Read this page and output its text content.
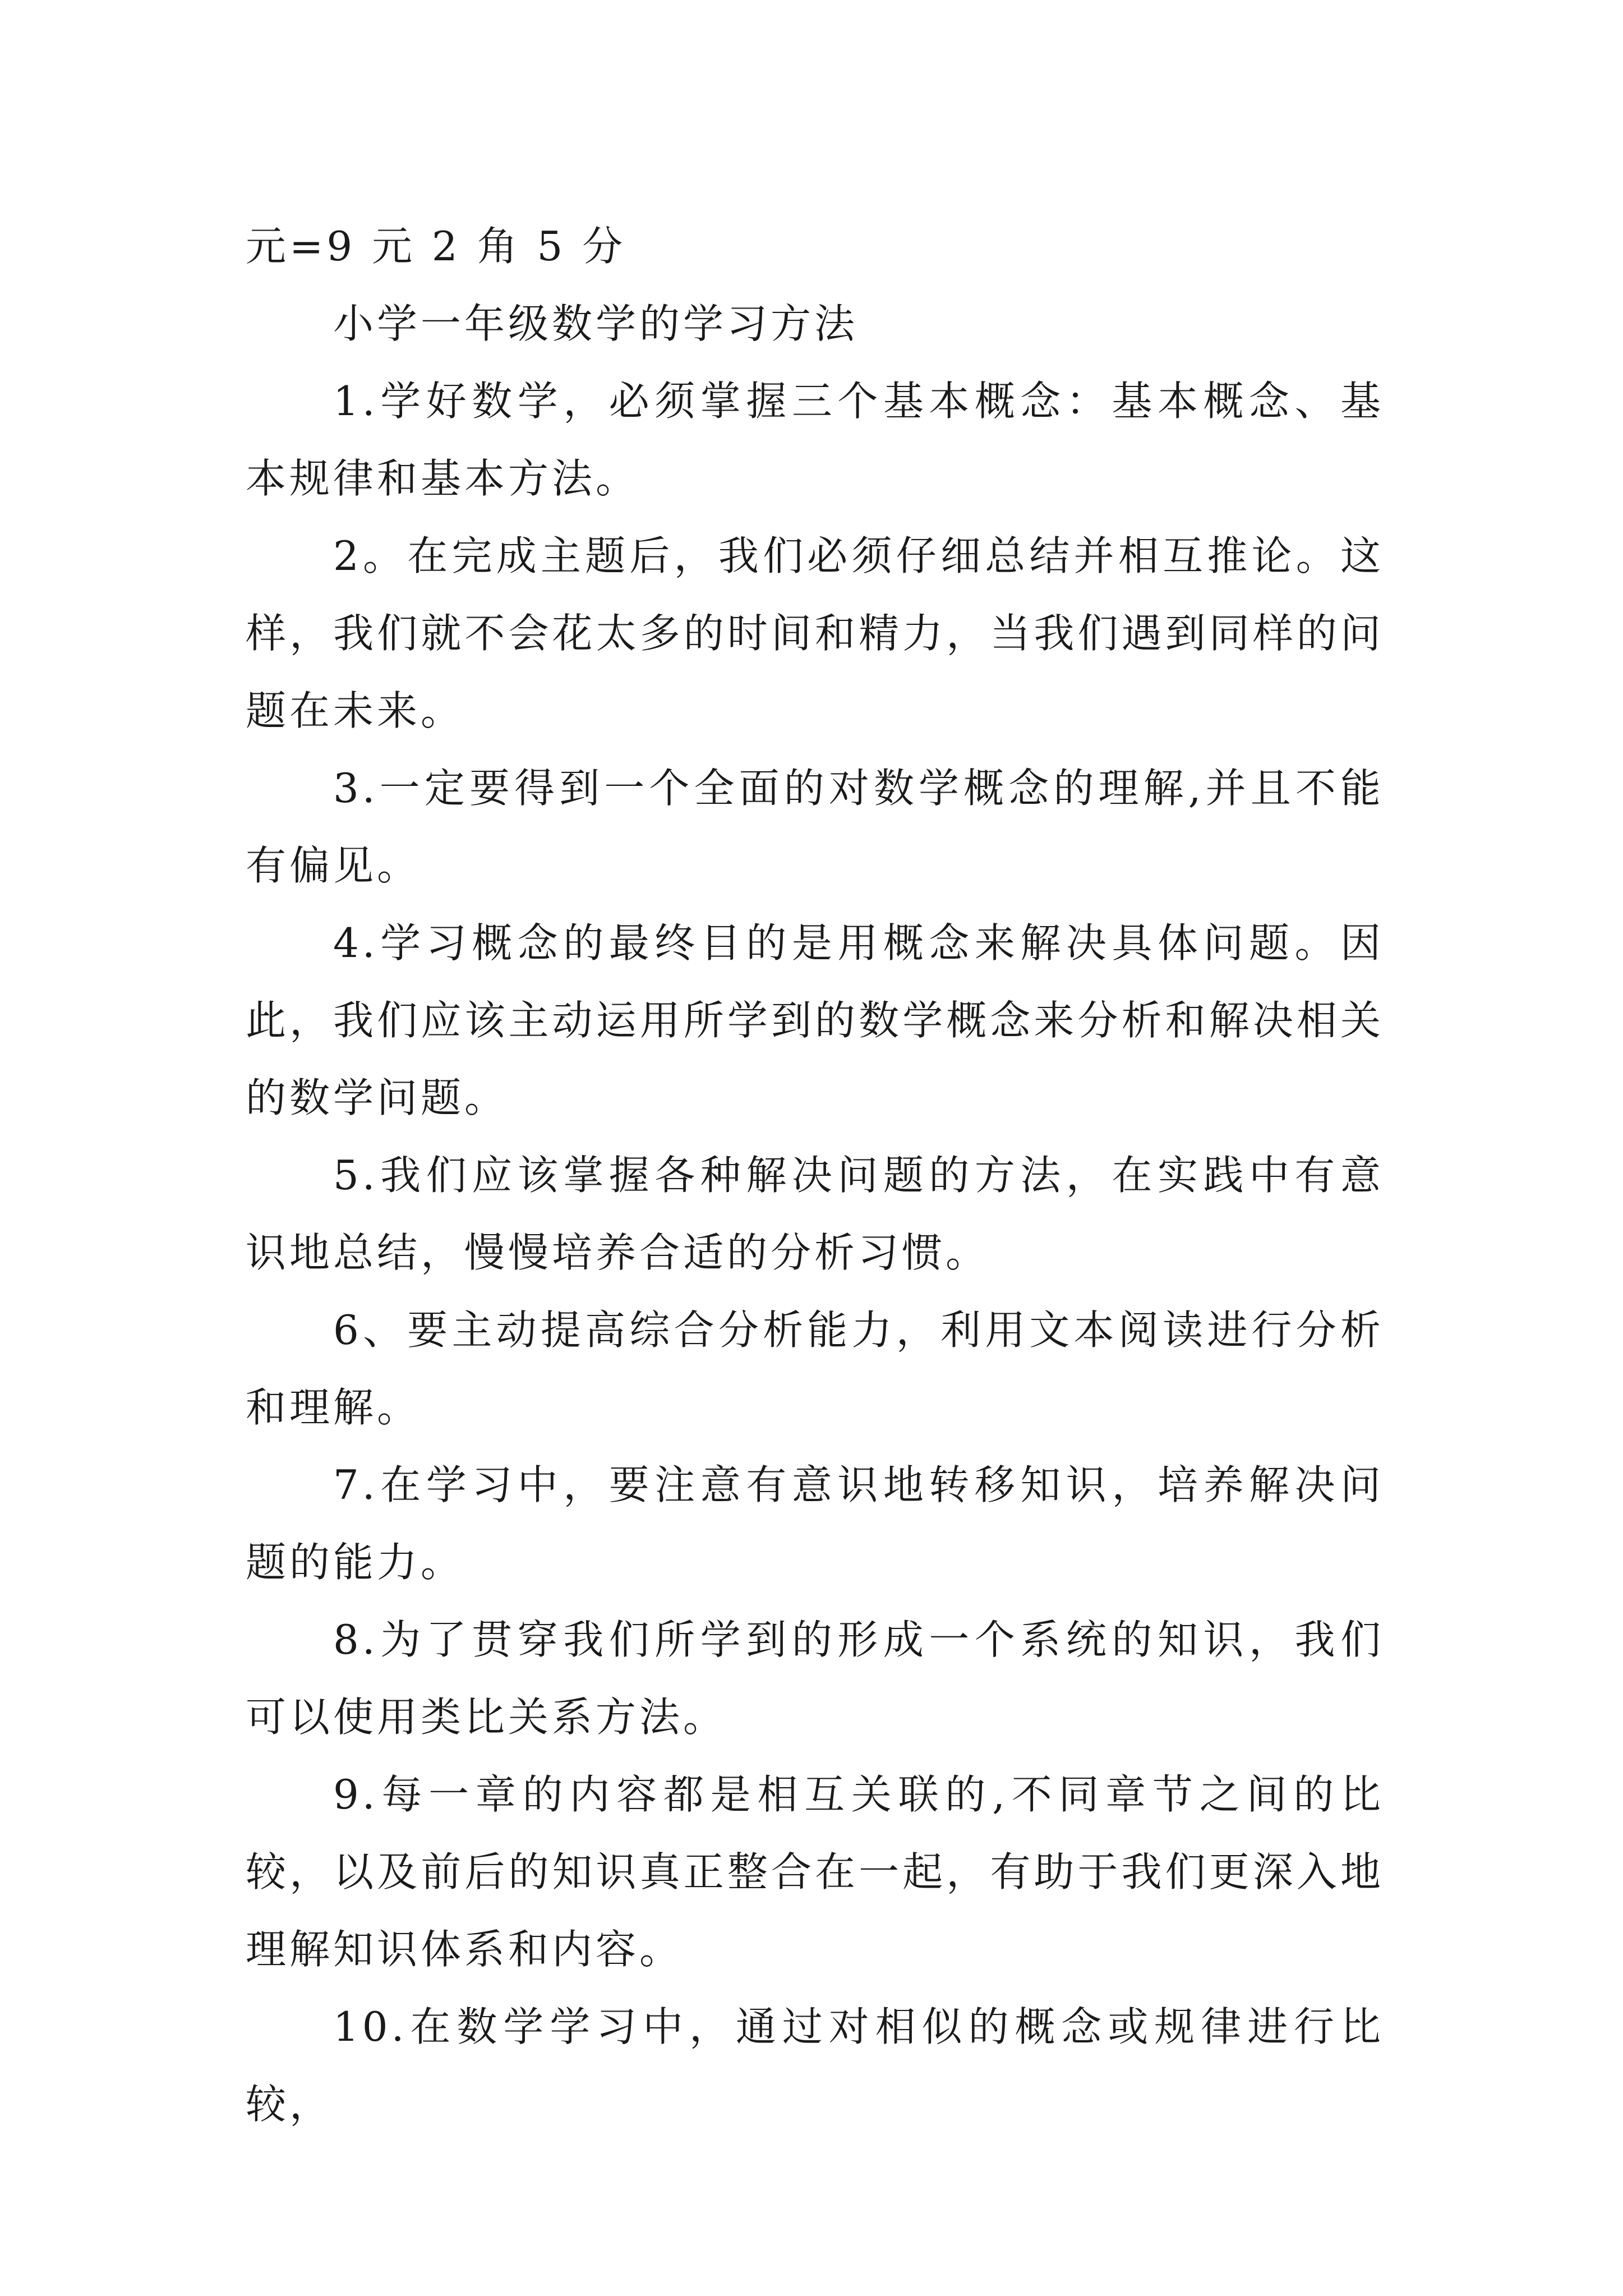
元=9 元 2 角 5 分

小学一年级数学的学习方法

1.学好数学，必须掌握三个基本概念：基本概念、基本规律和基本方法。

2。在完成主题后，我们必须仔细总结并相互推论。这样，我们就不会花太多的时间和精力，当我们遇到同样的问题在未来。

3.一定要得到一个全面的对数学概念的理解,并且不能有偏见。

4.学习概念的最终目的是用概念来解决具体问题。因此，我们应该主动运用所学到的数学概念来分析和解决相关的数学问题。

5.我们应该掌握各种解决问题的方法，在实践中有意识地总结，慢慢培养合适的分析习惯。

6、要主动提高综合分析能力，利用文本阅读进行分析和理解。

7.在学习中，要注意有意识地转移知识，培养解决问题的能力。

8.为了贯穿我们所学到的形成一个系统的知识，我们可以使用类比关系方法。

9.每一章的内容都是相互关联的,不同章节之间的比较，以及前后的知识真正整合在一起，有助于我们更深入地理解知识体系和内容。

10.在数学学习中，通过对相似的概念或规律进行比较，
